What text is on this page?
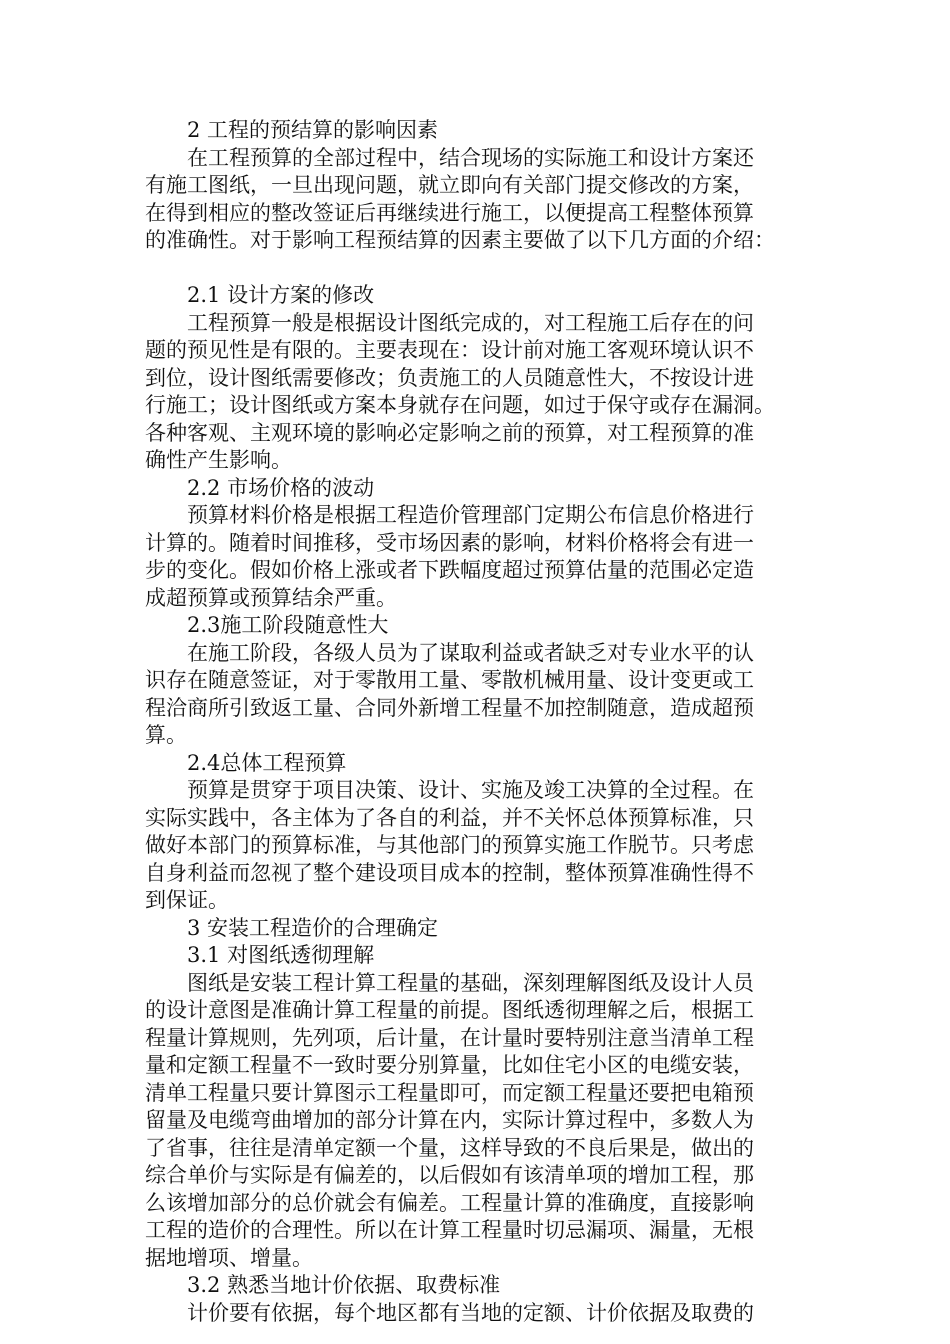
2 工程的预结算的影响因素
在工程预算的全部过程中，结合现场的实际施工和设计方案还
有施工图纸，一旦出现问题，就立即向有关部门提交修改的方案，
在得到相应的整改签证后再继续进行施工，以便提高工程整体预算
的准确性。对于影响工程预结算的因素主要做了以下几方面的介绍：
2.1 设计方案的修改
工程预算一般是根据设计图纸完成的，对工程施工后存在的问
题的预见性是有限的。主要表现在：设计前对施工客观环境认识不
到位，设计图纸需要修改；负责施工的人员随意性大，不按设计进
行施工；设计图纸或方案本身就存在问题，如过于保守或存在漏洞。
各种客观、主观环境的影响必定影响之前的预算，对工程预算的准
确性产生影响。
2.2 市场价格的波动
预算材料价格是根据工程造价管理部门定期公布信息价格进行
计算的。随着时间推移，受市场因素的影响，材料价格将会有进一
步的变化。假如价格上涨或者下跌幅度超过预算估量的范围必定造
成超预算或预算结余严重。
2.3施工阶段随意性大
在施工阶段，各级人员为了谋取利益或者缺乏对专业水平的认
识存在随意签证，对于零散用工量、零散机械用量、设计变更或工
程洽商所引致返工量、合同外新增工程量不加控制随意，造成超预
算。
2.4总体工程预算
预算是贯穿于项目决策、设计、实施及竣工决算的全过程。在
实际实践中，各主体为了各自的利益，并不关怀总体预算标准，只
做好本部门的预算标准，与其他部门的预算实施工作脱节。只考虑
自身利益而忽视了整个建设项目成本的控制，整体预算准确性得不
到保证。
3 安装工程造价的合理确定
3.1 对图纸透彻理解
图纸是安装工程计算工程量的基础，深刻理解图纸及设计人员
的设计意图是准确计算工程量的前提。图纸透彻理解之后，根据工
程量计算规则，先列项，后计量，在计量时要特别注意当清单工程
量和定额工程量不一致时要分别算量，比如住宅小区的电缆安装，
清单工程量只要计算图示工程量即可，而定额工程量还要把电箱预
留量及电缆弯曲增加的部分计算在内，实际计算过程中，多数人为
了省事，往往是清单定额一个量，这样导致的不良后果是，做出的
综合单价与实际是有偏差的，以后假如有该清单项的增加工程，那
么该增加部分的总价就会有偏差。工程量计算的准确度，直接影响
工程的造价的合理性。所以在计算工程量时切忌漏项、漏量，无根
据地增项、增量。
3.2 熟悉当地计价依据、取费标准
计价要有依据，每个地区都有当地的定额、计价依据及取费的
